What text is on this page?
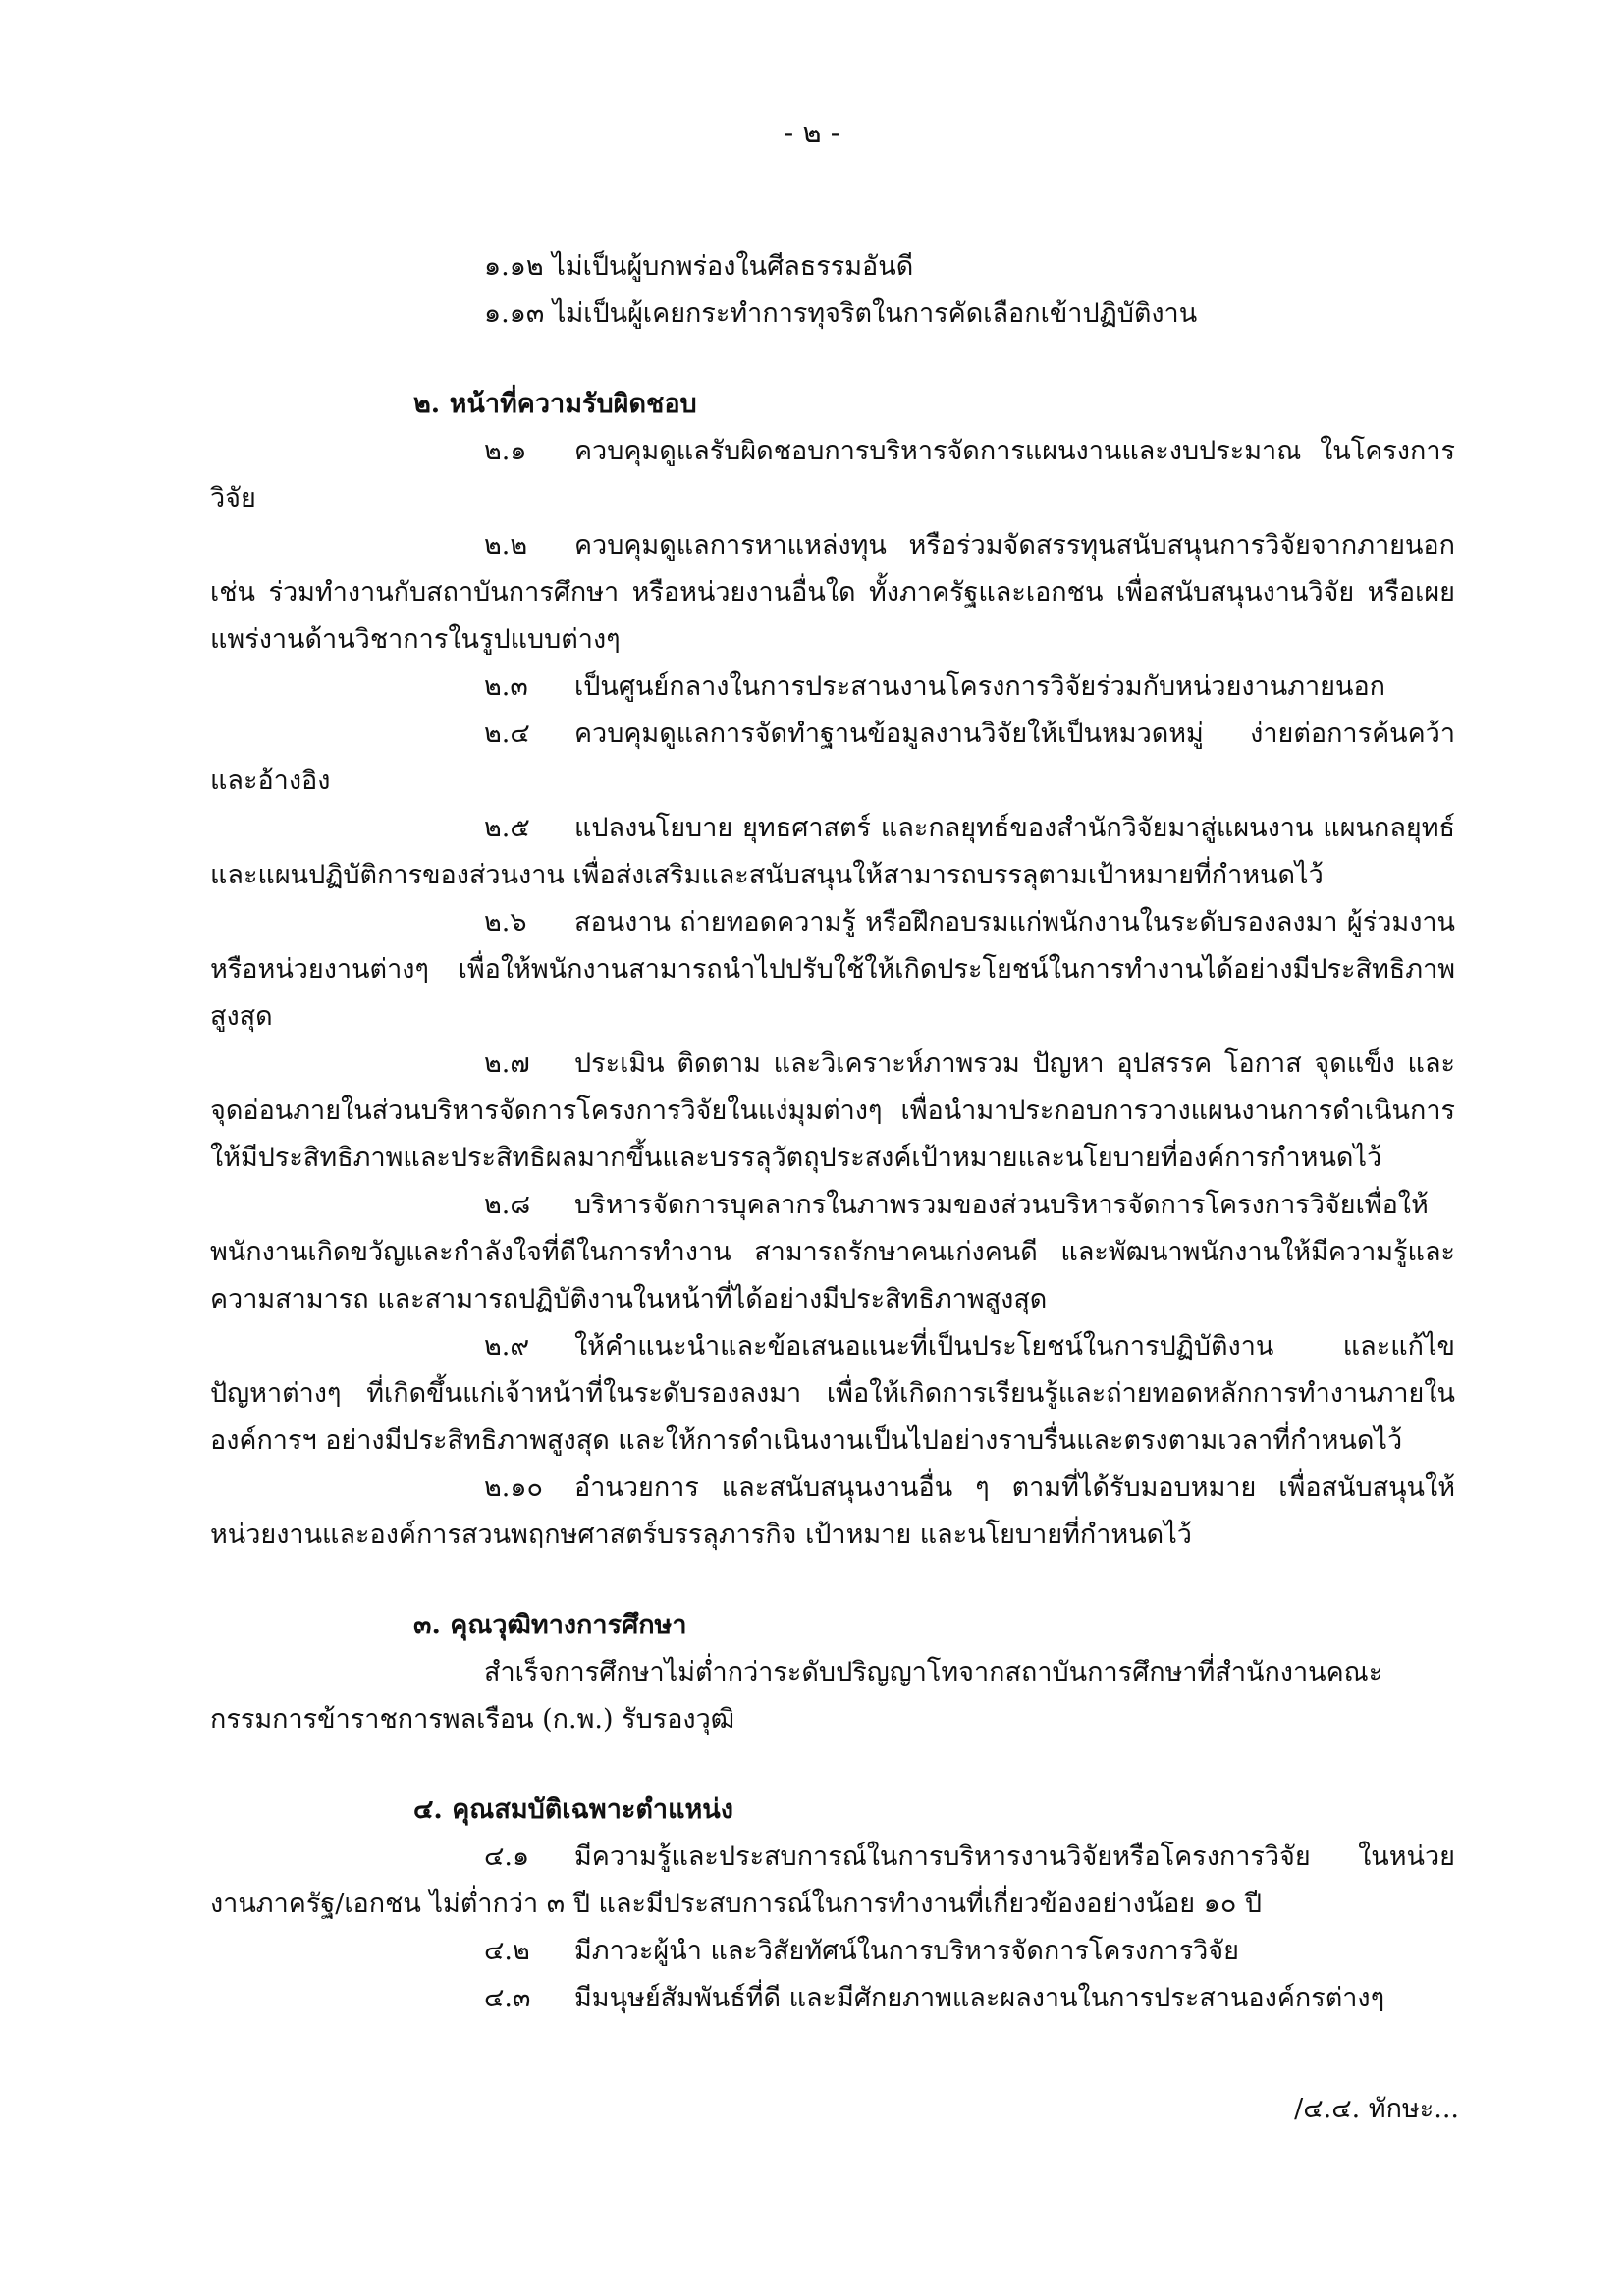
- ๒ -
๑.๑๒ ไม่เป็นผู้บกพร่องในศีลธรรมอันดี
๑.๑๓ ไม่เป็นผู้เคยกระทำการทุจริตในการคัดเลือกเข้าปฏิบัติงาน
๒. หน้าที่ความรับผิดชอบ
๒.๑ ควบคุมดูแลรับผิดชอบการบริหารจัดการแผนงานและงบประมาณ ในโครงการวิจัย
๒.๒ ควบคุมดูแลการหาแหล่งทุน หรือร่วมจัดสรรทุนสนับสนุนการวิจัยจากภายนอก เช่น ร่วมทำงานกับสถาบันการศึกษา หรือหน่วยงานอื่นใด ทั้งภาครัฐและเอกชน เพื่อสนับสนุนงานวิจัย หรือเผยแพร่งานด้านวิชาการในรูปแบบต่างๆ
๒.๓ เป็นศูนย์กลางในการประสานงานโครงการวิจัยร่วมกับหน่วยงานภายนอก
๒.๔ ควบคุมดูแลการจัดทำฐานข้อมูลงานวิจัยให้เป็นหมวดหมู่ ง่ายต่อการค้นคว้าและอ้างอิง
๒.๕ แปลงนโยบาย ยุทธศาสตร์ และกลยุทธ์ของสำนักวิจัยมาสู่แผนงาน แผนกลยุทธ์และแผนปฏิบัติการของส่วนงาน เพื่อส่งเสริมและสนับสนุนให้สามารถบรรลุตามเป้าหมายที่กำหนดไว้
๒.๖ สอนงาน ถ่ายทอดความรู้ หรือฝึกอบรมแก่พนักงานในระดับรองลงมา ผู้ร่วมงานหรือหน่วยงานต่างๆ เพื่อให้พนักงานสามารถนำไปปรับใช้ให้เกิดประโยชน์ในการทำงานได้อย่างมีประสิทธิภาพสูงสุด
๒.๗ ประเมิน ติดตาม และวิเคราะห์ภาพรวม ปัญหา อุปสรรค โอกาส จุดแข็ง และจุดอ่อนภายในส่วนบริหารจัดการโครงการวิจัยในแง่มุมต่างๆ เพื่อนำมาประกอบการวางแผนงานการดำเนินการให้มีประสิทธิภาพและประสิทธิผลมากขึ้นและบรรลุวัตถุประสงค์เป้าหมายและนโยบายที่องค์การกำหนดไว้
๒.๘ บริหารจัดการบุคลากรในภาพรวมของส่วนบริหารจัดการโครงการวิจัยเพื่อให้พนักงานเกิดขวัญและกำลังใจที่ดีในการทำงาน สามารถรักษาคนเก่งคนดี และพัฒนาพนักงานให้มีความรู้และความสามารถ และสามารถปฏิบัติงานในหน้าที่ได้อย่างมีประสิทธิภาพสูงสุด
๒.๙ ให้คำแนะนำและข้อเสนอแนะที่เป็นประโยชน์ในการปฏิบัติงาน และแก้ไขปัญหาต่างๆ ที่เกิดขึ้นแก่เจ้าหน้าที่ในระดับรองลงมา เพื่อให้เกิดการเรียนรู้และถ่ายทอดหลักการทำงานภายในองค์การฯ อย่างมีประสิทธิภาพสูงสุด และให้การดำเนินงานเป็นไปอย่างราบรื่นและตรงตามเวลาที่กำหนดไว้
๒.๑๐ อำนวยการ และสนับสนุนงานอื่น ๆ ตามที่ได้รับมอบหมาย เพื่อสนับสนุนให้หน่วยงานและองค์การสวนพฤกษศาสตร์บรรลุภารกิจ เป้าหมาย และนโยบายที่กำหนดไว้
๓. คุณวุฒิทางการศึกษา
สำเร็จการศึกษาไม่ต่ำกว่าระดับปริญญาโทจากสถาบันการศึกษาที่สำนักงานคณะกรรมการข้าราชการพลเรือน (ก.พ.) รับรองวุฒิ
๔. คุณสมบัติเฉพาะตำแหน่ง
๔.๑ มีความรู้และประสบการณ์ในการบริหารงานวิจัยหรือโครงการวิจัย ในหน่วยงานภาครัฐ/เอกชน ไม่ต่ำกว่า ๓ ปี และมีประสบการณ์ในการทำงานที่เกี่ยวข้องอย่างน้อย ๑๐ ปี
๔.๒ มีภาวะผู้นำ และวิสัยทัศน์ในการบริหารจัดการโครงการวิจัย
๔.๓ มีมนุษย์สัมพันธ์ที่ดี และมีศักยภาพและผลงานในการประสานองค์กรต่างๆ
/๔.๔. ทักษะ...
